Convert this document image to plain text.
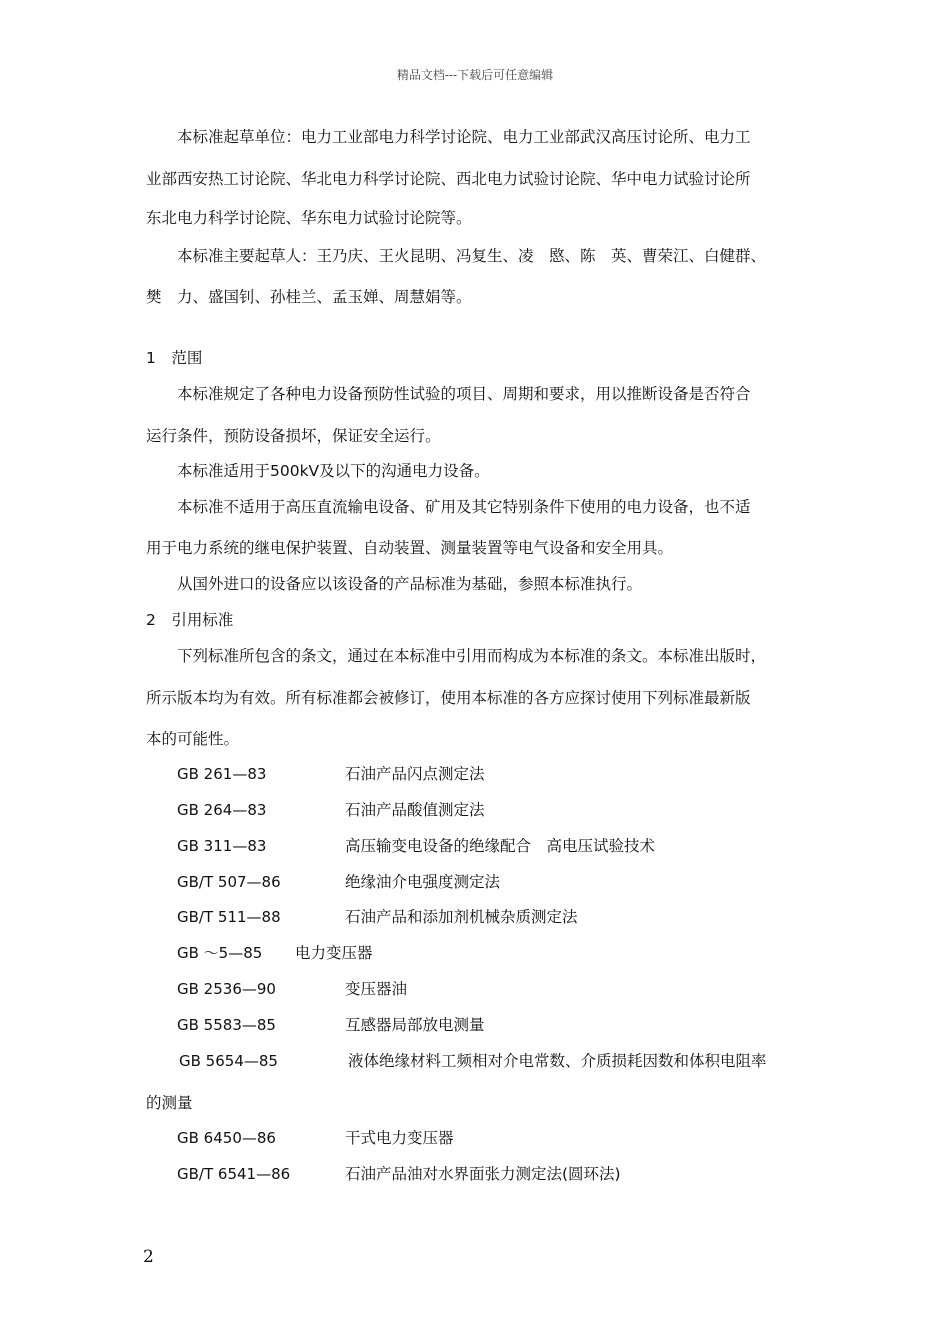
精品文档---下载后可任意编辑
本标准起草单位：电力工业部电力科学讨论院、电力工业部武汉高压讨论所、电力工
业部西安热工讨论院、华北电力科学讨论院、西北电力试验讨论院、华中电力试验讨论所
东北电力科学讨论院、华东电力试验讨论院等。
本标准主要起草人：王乃庆、王火昆明、冯复生、凌　愍、陈　英、曹荣江、白健群、
樊　力、盛国钊、孙桂兰、孟玉婵、周慧娟等。
1　范围
本标准规定了各种电力设备预防性试验的项目、周期和要求，用以推断设备是否符合
运行条件，预防设备损坏，保证安全运行。
本标准适用于500kV及以下的沟通电力设备。
本标准不适用于高压直流输电设备、矿用及其它特别条件下使用的电力设备，也不适
用于电力系统的继电保护装置、自动装置、测量装置等电气设备和安全用具。
从国外进口的设备应以该设备的产品标准为基础，参照本标准执行。
2　引用标准
下列标准所包含的条文，通过在本标准中引用而构成为本标准的条文。本标准出版时，
所示版本均为有效。所有标准都会被修订，使用本标准的各方应探讨使用下列标准最新版
本的可能性。
GB 261—83	石油产品闪点测定法
GB 264—83	石油产品酸值测定法
GB 311—83	高压输变电设备的绝缘配合　高电压试验技术
GB/T 507—86	绝缘油介电强度测定法
GB/T 511—88	石油产品和添加剂机械杂质测定法
GB ～5—85 电力变压器
GB 2536—90	变压器油
GB 5583—85	互感器局部放电测量
GB 5654—85	液体绝缘材料工频相对介电常数、介质损耗因数和体积电阻率
的测量
GB 6450—86	干式电力变压器
GB/T 6541—86	石油产品油对水界面张力测定法(圆环法)
2
